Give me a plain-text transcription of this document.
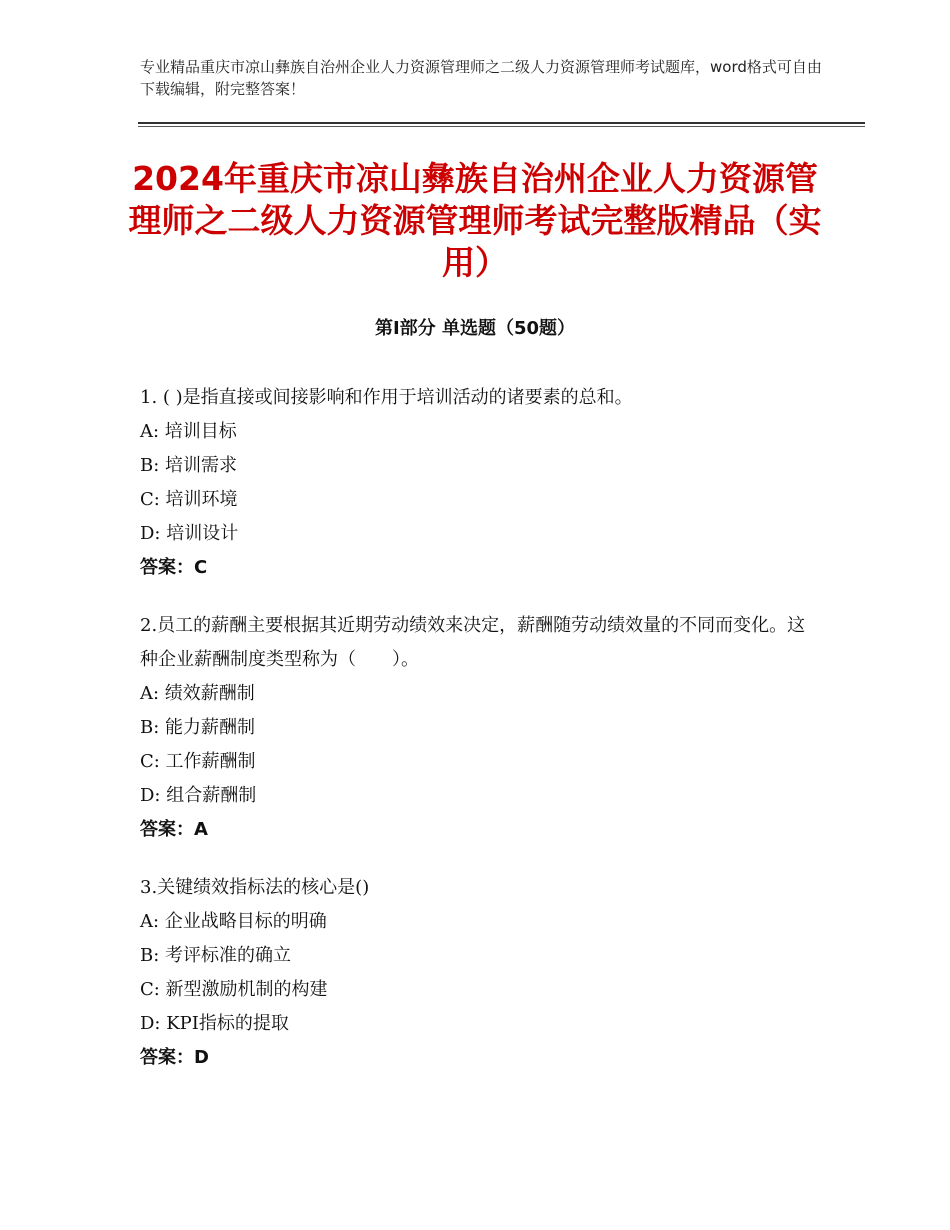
专业精品重庆市凉山彝族自治州企业人力资源管理师之二级人力资源管理师考试题库，word格式可自由下载编辑，附完整答案！

2024年重庆市凉山彝族自治州企业人力资源管理师之二级人力资源管理师考试完整版精品（实用）
第Ⅰ部分 单选题（50题）

1. ( )是指直接或间接影响和作用于培训活动的诸要素的总和。

A: 培训目标

B: 培训需求

C: 培训环境

D: 培训设计

答案：C

2.员工的薪酬主要根据其近期劳动绩效来决定，薪酬随劳动绩效量的不同而变化。这种企业薪酬制度类型称为（　　）。

A: 绩效薪酬制

B: 能力薪酬制

C: 工作薪酬制

D: 组合薪酬制

答案：A

3.关键绩效指标法的核心是()

A: 企业战略目标的明确

B: 考评标准的确立

C: 新型激励机制的构建

D: KPI指标的提取

答案：D
